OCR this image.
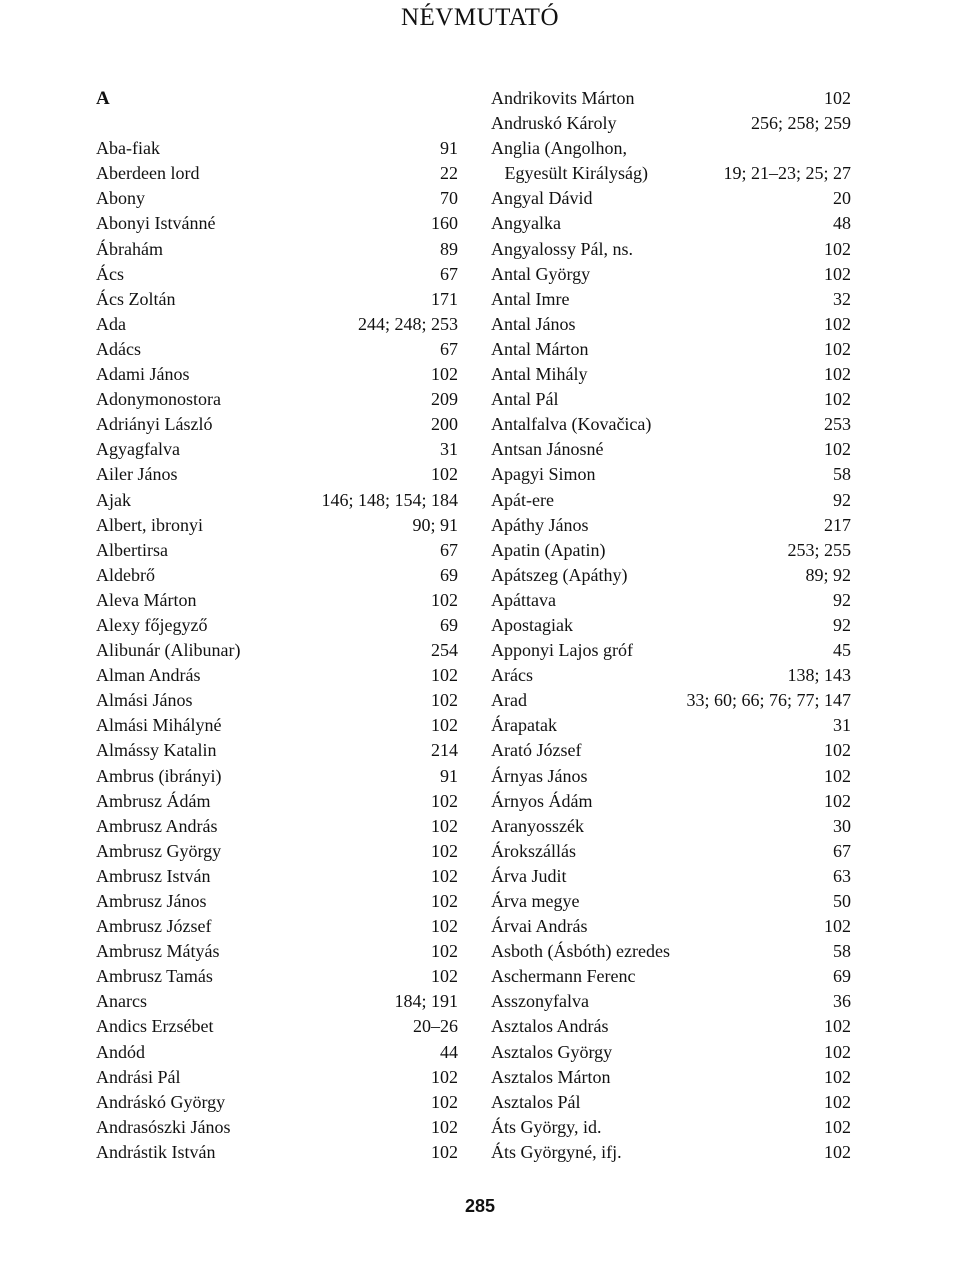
NÉVMUTATÓ
A
Aba-fiak	91
Aberdeen lord	22
Abony	70
Abonyi Istvánné	160
Ábrahám	89
Ács	67
Ács Zoltán	171
Ada	244; 248; 253
Adács	67
Adami János	102
Adonymonostora	209
Adriányi László	200
Agyagfalva	31
Ailer János	102
Ajak	146; 148; 154; 184
Albert, ibronyi	90; 91
Albertirsa	67
Aldebrő	69
Aleva Márton	102
Alexy főjegyző	69
Alibunár (Alibunar)	254
Alman András	102
Almási János	102
Almási Mihályné	102
Almássy Katalin	214
Ambrus (ibrányi)	91
Ambrusz Ádám	102
Ambrusz András	102
Ambrusz György	102
Ambrusz István	102
Ambrusz János	102
Ambrusz József	102
Ambrusz Mátyás	102
Ambrusz Tamás	102
Anarcs	184; 191
Andics Erzsébet	20–26
Andód	44
Andrási Pál	102
Andráskó György	102
Andrasószki János	102
Andrástik István	102
Andrikovits Márton	102
Andruskó Károly	256; 258; 259
Anglia (Angolhon,
Egyesült Királyság)	19; 21–23; 25; 27
Angyal Dávid	20
Angyalka	48
Angyalossy Pál, ns.	102
Antal György	102
Antal Imre	32
Antal János	102
Antal Márton	102
Antal Mihály	102
Antal Pál	102
Antalfalva (Kovačica)	253
Antsan Jánosné	102
Apagyi Simon	58
Apát-ere	92
Apáthy János	217
Apatin (Apatin)	253; 255
Apátszeg (Apáthy)	89; 92
Apáttava	92
Apostagiak	92
Apponyi Lajos gróf	45
Arács	138; 143
Arad	33; 60; 66; 76; 77; 147
Árapatak	31
Arató József	102
Árnyas János	102
Árnyos Ádám	102
Aranyosszék	30
Árokszállás	67
Árva Judit	63
Árva megye	50
Árvai András	102
Asboth (Ásbóth) ezredes	58
Aschermann Ferenc	69
Asszonyfalva	36
Asztalos András	102
Asztalos György	102
Asztalos Márton	102
Asztalos Pál	102
Áts György, id.	102
Áts Györgyné, ifj.	102
285
